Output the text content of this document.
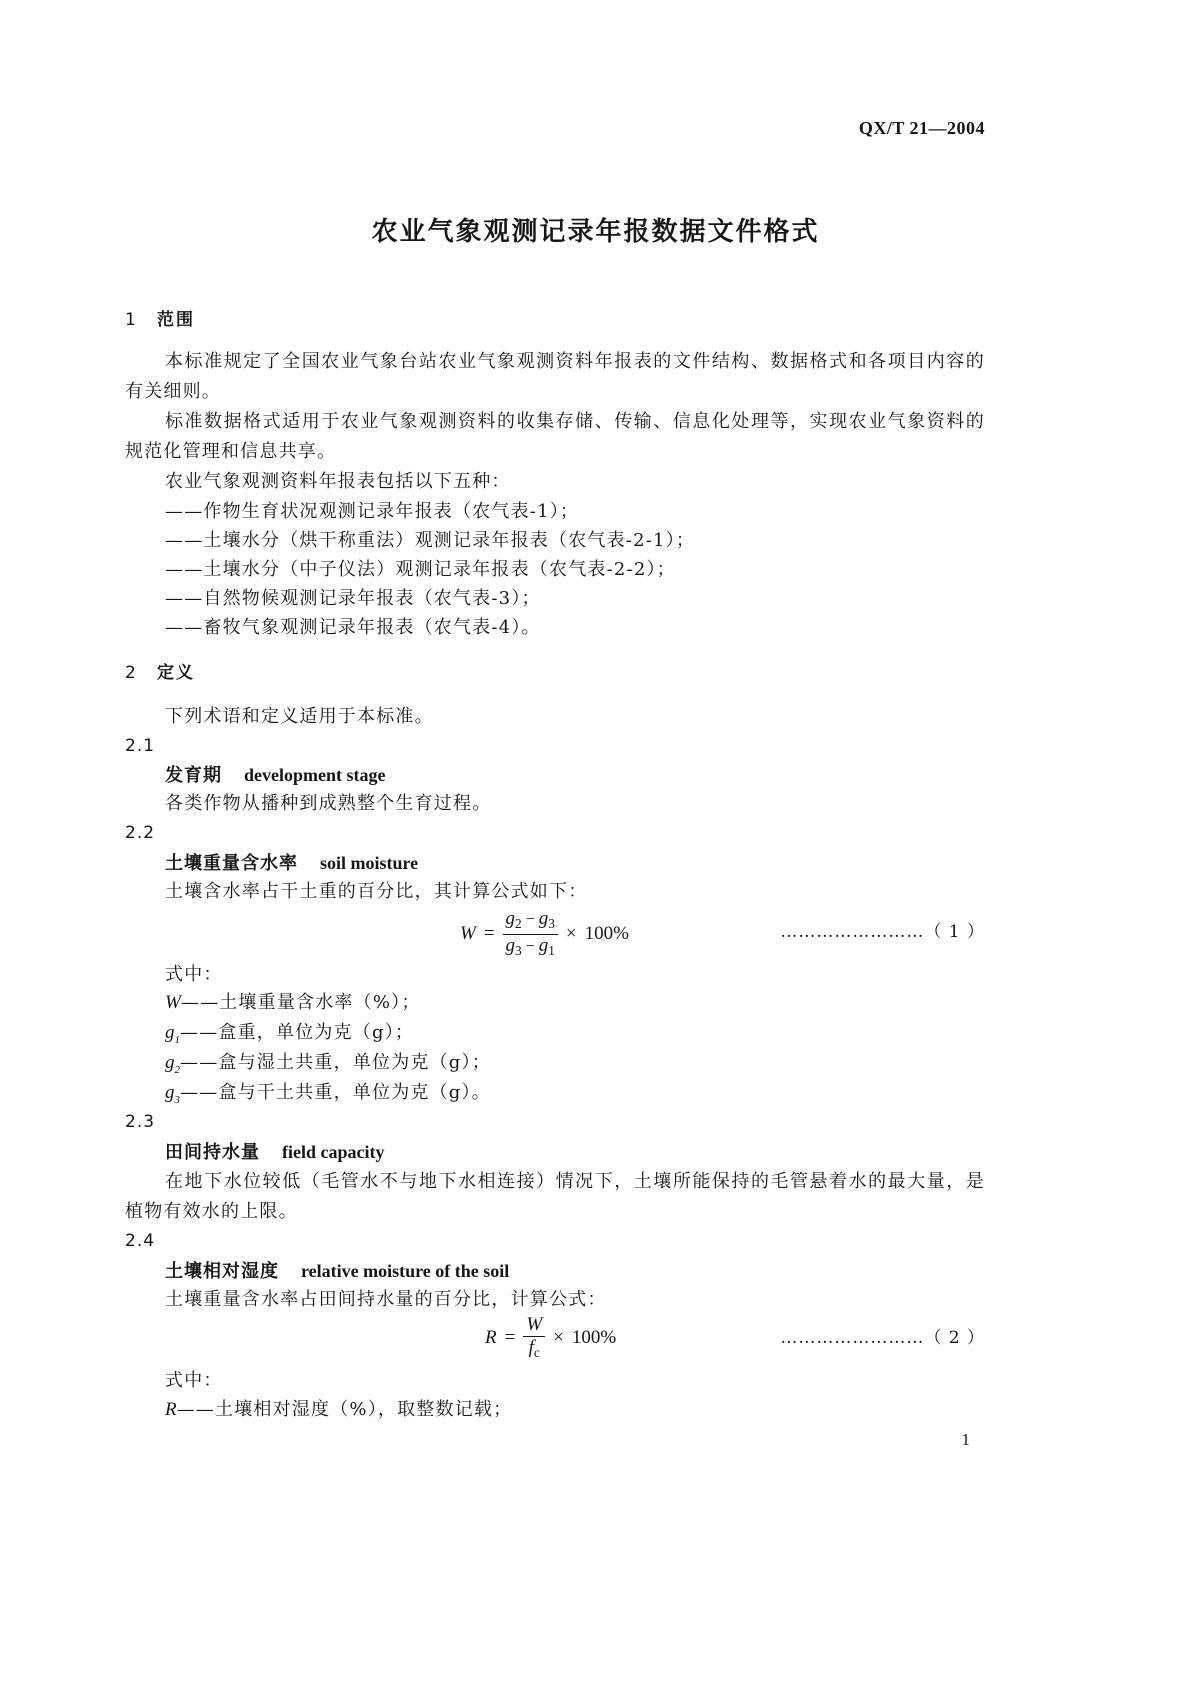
QX/T 21—2004
农业气象观测记录年报数据文件格式
1 范围
本标准规定了全国农业气象台站农业气象观测资料年报表的文件结构、数据格式和各项目内容的有关细则。
标准数据格式适用于农业气象观测资料的收集存储、传输、信息化处理等，实现农业气象资料的规范化管理和信息共享。
农业气象观测资料年报表包括以下五种：
——作物生育状况观测记录年报表（农气表-1）；
——土壤水分（烘干称重法）观测记录年报表（农气表-2-1）；
——土壤水分（中子仪法）观测记录年报表（农气表-2-2）；
——自然物候观测记录年报表（农气表-3）；
——畜牧气象观测记录年报表（农气表-4）。
2 定义
下列术语和定义适用于本标准。
2.1
发育期 development stage
各类作物从播种到成熟整个生育过程。
2.2
土壤重量含水率 soil moisture
土壤含水率占干土重的百分比，其计算公式如下：
$W = \frac{g_2 - g_3}{g_3 - g_1} \times 100\%$	……………………（ 1 ）
式中：
W——土壤重量含水率（%）；
$g_1——$盒重，单位为克（g）；
$g_2——$盒与湿土共重，单位为克（g）；
$g_3——$盒与干土共重，单位为克（g）。
2.3
田间持水量 field capacity
在地下水位较低（毛管水不与地下水相连接）情况下，土壤所能保持的毛管悬着水的最大量，是植物有效水的上限。
2.4
土壤相对湿度 relative moisture of the soil
土壤重量含水率占田间持水量的百分比，计算公式：
$R = \frac{W}{f_c} \times 100\%$	……………………（ 2 ）
式中：
R——土壤相对湿度（%），取整数记载；
1
